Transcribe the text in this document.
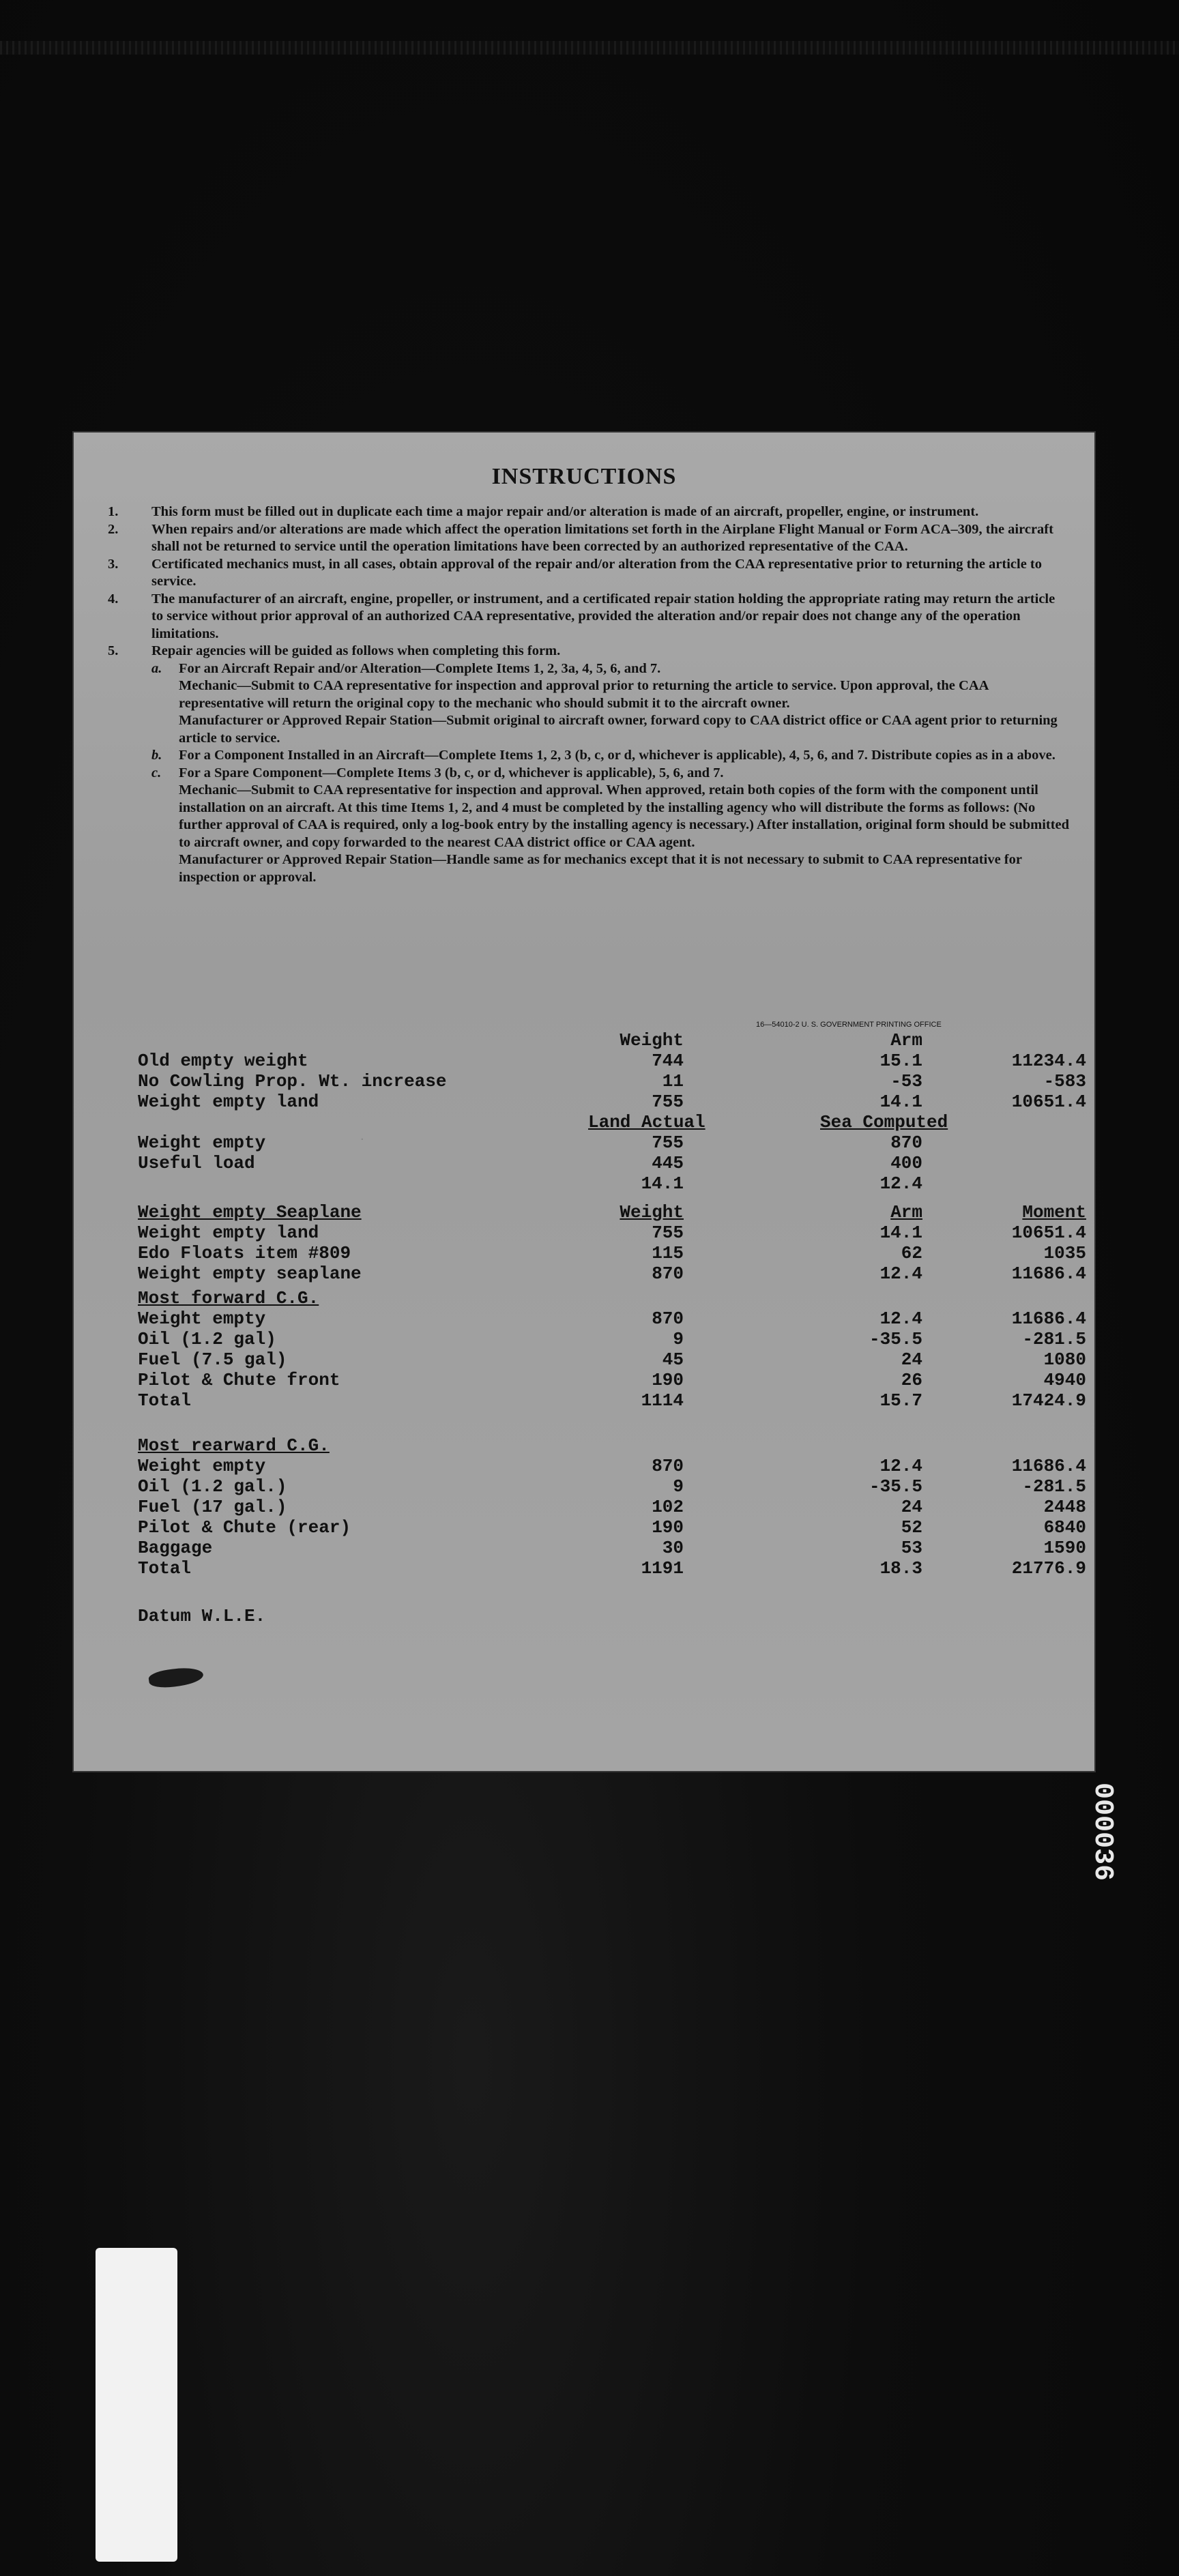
INSTRUCTIONS

1. This form must be filled out in duplicate each time a major repair and/or alteration is made of an aircraft, propeller, engine, or instrument.

2. When repairs and/or alterations are made which affect the operation limitations set forth in the Airplane Flight Manual or Form ACA–309, the aircraft shall not be returned to service until the operation limitations have been corrected by an authorized representative of the CAA.

3. Certificated mechanics must, in all cases, obtain approval of the repair and/or alteration from the CAA representative prior to returning the article to service.

4. The manufacturer of an aircraft, engine, propeller, or instrument, and a certificated repair station holding the appropriate rating may return the article to service without prior approval of an authorized CAA representative, provided the alteration and/or repair does not change any of the operation limitations.

5. Repair agencies will be guided as follows when completing this form.

a. For an Aircraft Repair and/or Alteration—Complete Items 1, 2, 3a, 4, 5, 6, and 7.

Mechanic—Submit to CAA representative for inspection and approval prior to returning the article to service. Upon approval, the CAA representative will return the original copy to the mechanic who should submit it to the aircraft owner.

Manufacturer or Approved Repair Station—Submit original to aircraft owner, forward copy to CAA district office or CAA agent prior to returning article to service.

b. For a Component Installed in an Aircraft—Complete Items 1, 2, 3 (b, c, or d, whichever is applicable), 4, 5, 6, and 7. Distribute copies as in a above.

c. For a Spare Component—Complete Items 3 (b, c, or d, whichever is applicable), 5, 6, and 7.

Mechanic—Submit to CAA representative for inspection and approval. When approved, retain both copies of the form with the component until installation on an aircraft. At this time Items 1, 2, and 4 must be completed by the installing agency who will distribute the forms as follows: (No further approval of CAA is required, only a log-book entry by the installing agency is necessary.) After installation, original form should be submitted to aircraft owner, and copy forwarded to the nearest CAA district office or CAA agent.

Manufacturer or Approved Repair Station—Handle same as for mechanics except that it is not necessary to submit to CAA representative for inspection or approval.

16—54010-2 U. S. GOVERNMENT PRINTING OFFICE
Weight	Arm
Old empty weight	744	15.1	11234.4
No Cowling Prop. Wt. increase	11	-53	-583
Weight empty land	755	14.1	10651.4
Land Actual	Sea Computed
Weight empty	755	870
Useful load	445	400
14.1	12.4
Weight empty Seaplane	Weight	Arm	Moment
Weight empty land	755	14.1	10651.4
Edo Floats item #809	115	62	1035
Weight empty seaplane	870	12.4	11686.4
Most forward C.G.
Weight empty	870	12.4	11686.4
Oil (1.2 gal)	9	-35.5	-281.5
Fuel (7.5 gal)	45	24	1080
Pilot & Chute front	190	26	4940
Total	1114	15.7	17424.9
Most rearward C.G.
Weight empty	870	12.4	11686.4
Oil (1.2 gal.)	9	-35.5	-281.5
Fuel (17 gal.)	102	24	2448
Pilot & Chute (rear)	190	52	6840
Baggage	30	53	1590
Total	1191	18.3	21776.9
Datum W.L.E.
.
